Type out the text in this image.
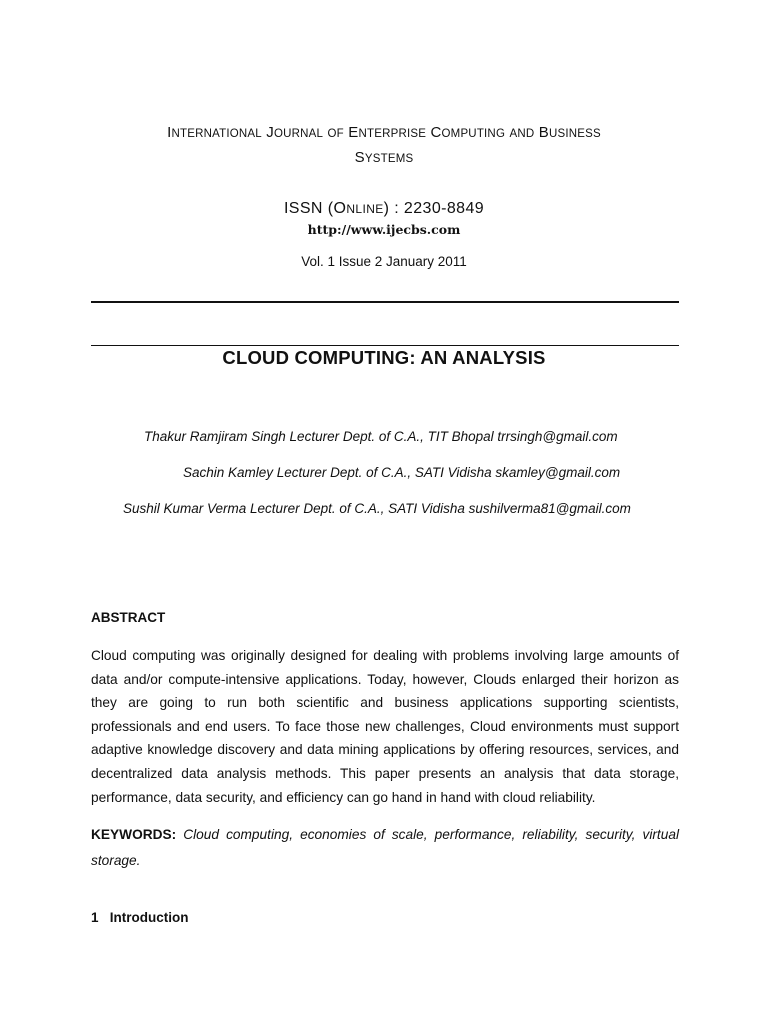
INTERNATIONAL JOURNAL OF ENTERPRISE COMPUTING AND BUSINESS
SYSTEMS
ISSN (ONLINE) : 2230-8849
http://www.ijecbs.com
Vol. 1 Issue 2 January 2011
CLOUD COMPUTING: AN ANALYSIS
Thakur Ramjiram Singh Lecturer Dept. of C.A., TIT Bhopal trrsingh@gmail.com
Sachin Kamley Lecturer Dept. of C.A., SATI Vidisha skamley@gmail.com
Sushil Kumar Verma Lecturer Dept. of C.A., SATI Vidisha sushilverma81@gmail.com
ABSTRACT
Cloud computing was originally designed for dealing with problems involving large amounts of data and/or compute-intensive applications. Today, however, Clouds enlarged their horizon as they are going to run both scientific and business applications supporting scientists, professionals and end users. To face those new challenges, Cloud environments must support adaptive knowledge discovery and data mining applications by offering resources, services, and decentralized data analysis methods. This paper presents an analysis that data storage, performance, data security, and efficiency can go hand in hand with cloud reliability.
KEYWORDS: Cloud computing, economies of scale, performance, reliability, security, virtual storage.
1 Introduction
